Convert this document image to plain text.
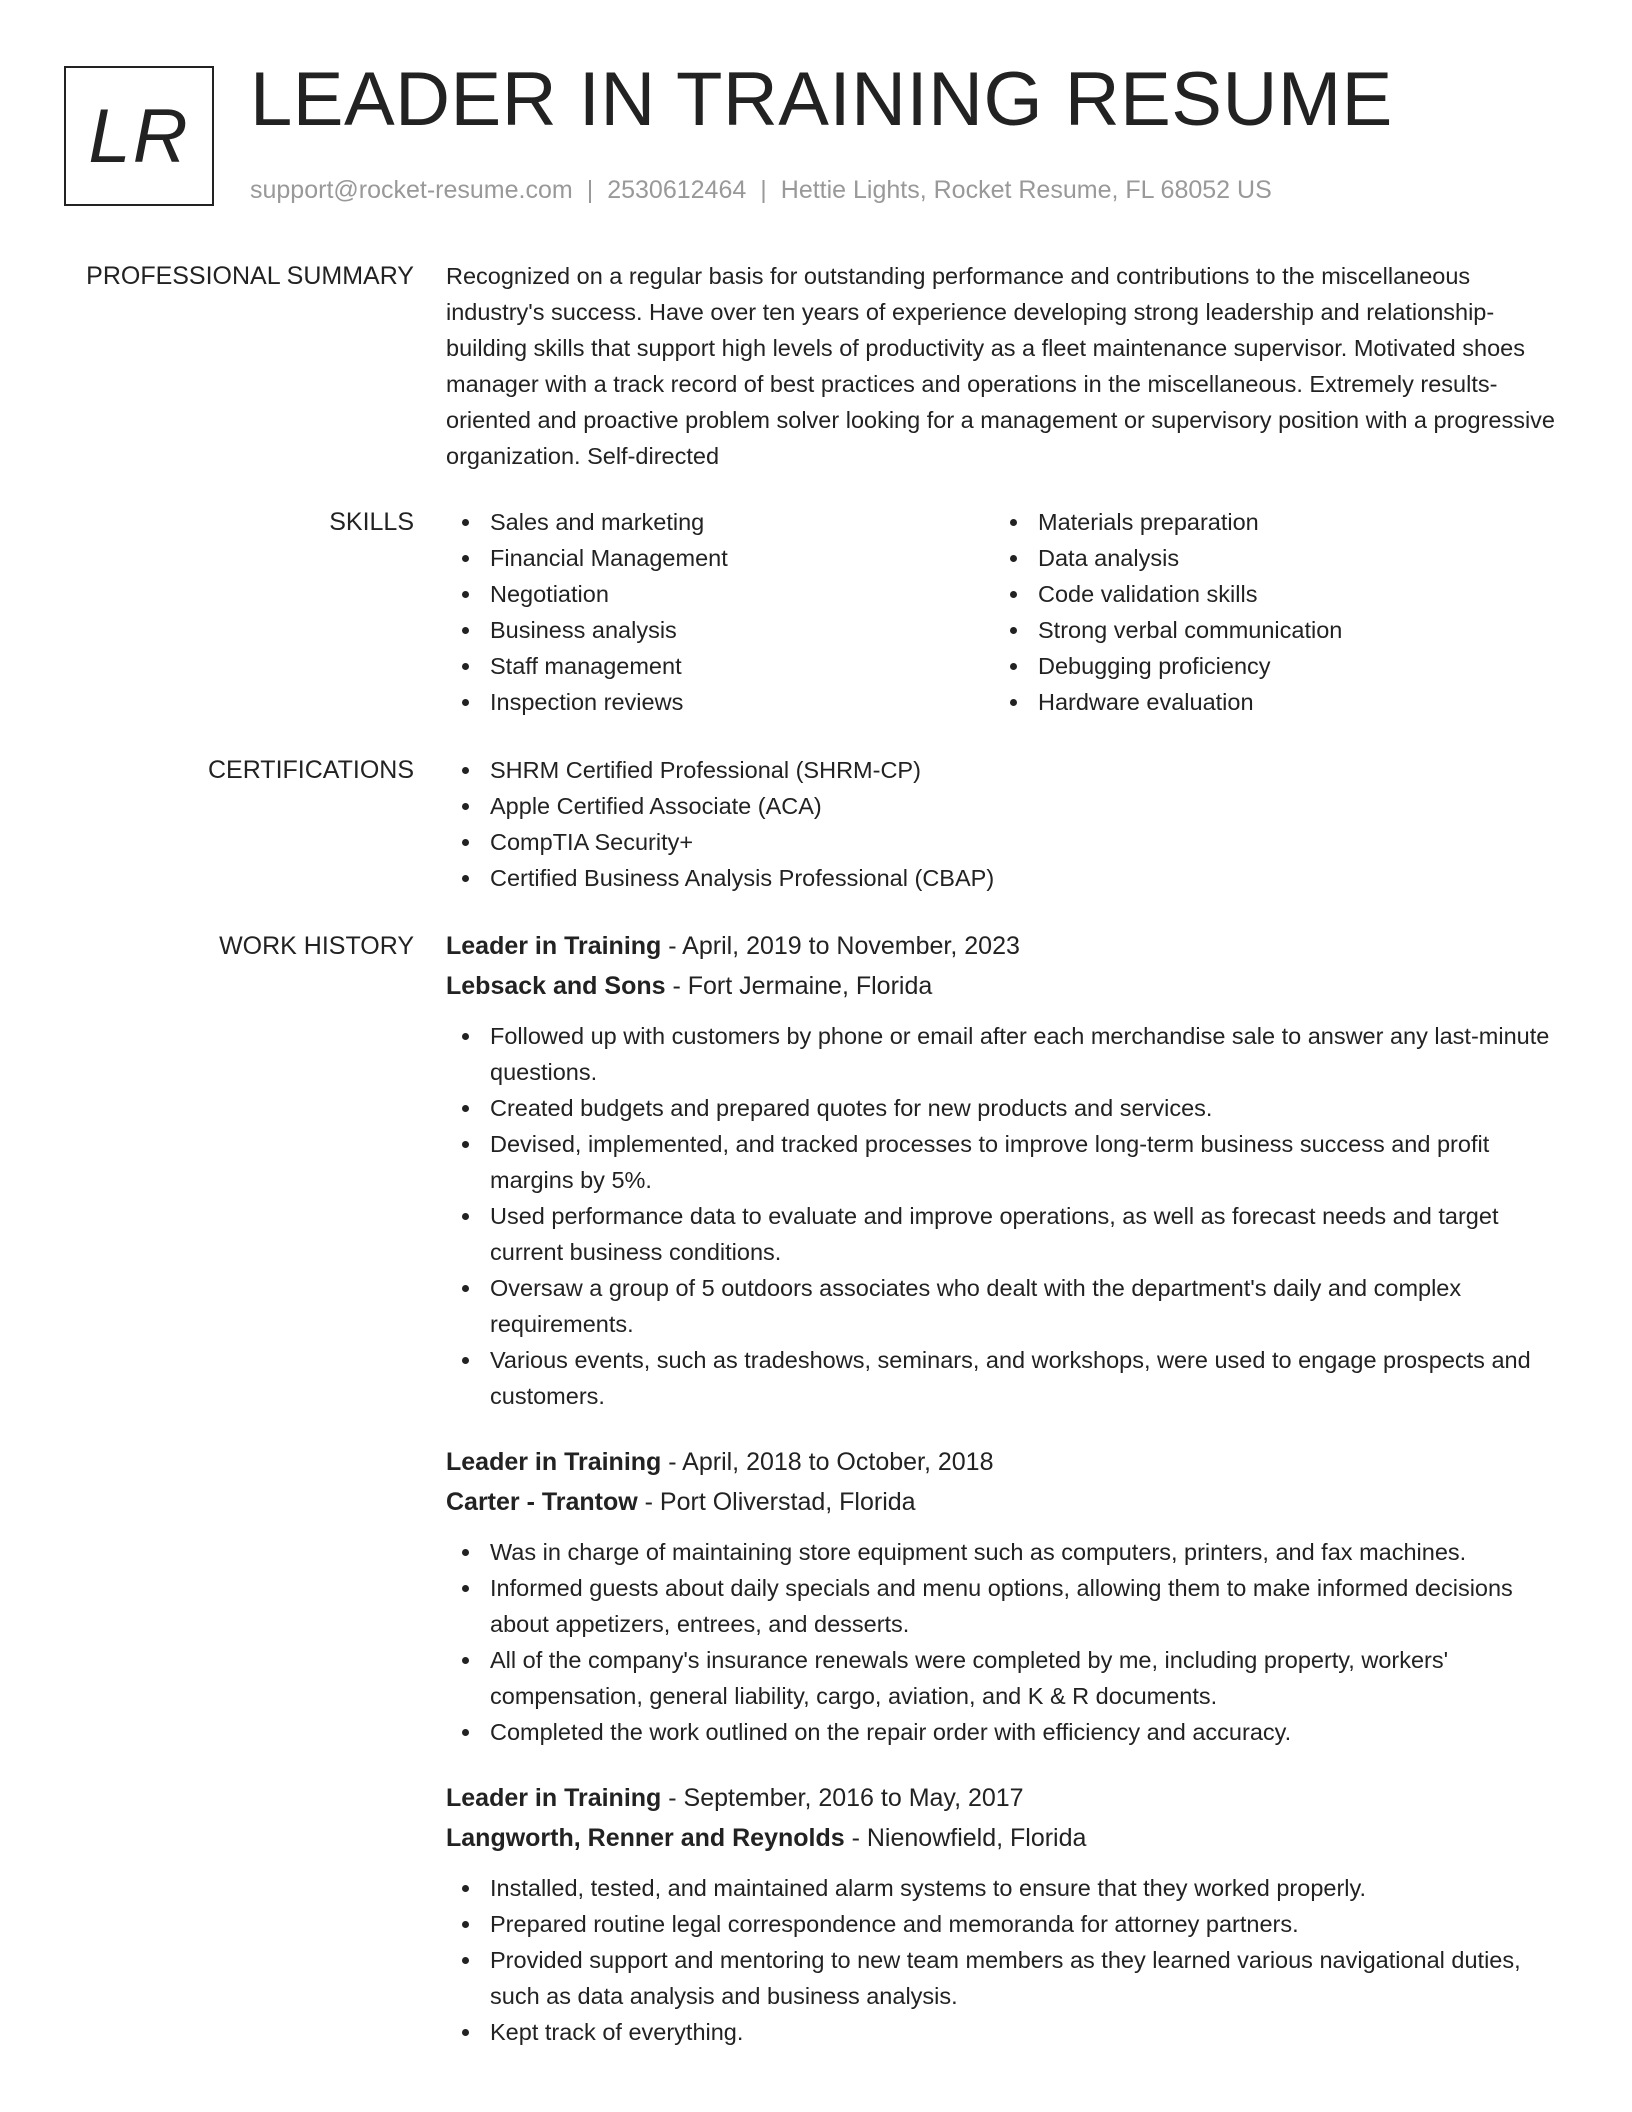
LR LEADER IN TRAINING RESUME
support@rocket-resume.com | 2530612464 | Hettie Lights, Rocket Resume, FL 68052 US
PROFESSIONAL SUMMARY Recognized on a regular basis for outstanding performance and contributions to the miscellaneous industry's success. Have over ten years of experience developing strong leadership and relationship-building skills that support high levels of productivity as a fleet maintenance supervisor. Motivated shoes manager with a track record of best practices and operations in the miscellaneous. Extremely results-oriented and proactive problem solver looking for a management or supervisory position with a progressive organization. Self-directed

SKILLS	Sales and marketing
Financial Management
Negotiation
Business analysis
Staff management
Inspection reviews
Materials preparation
Data analysis
Code validation skills
Strong verbal communication
Debugging proficiency
Hardware evaluation
CERTIFICATIONS	SHRM Certified Professional (SHRM-CP)
Apple Certified Associate (ACA)
CompTIA Security+
Certified Business Analysis Professional (CBAP)
WORK HISTORY Leader in Training - April, 2019 to November, 2023
Lebsack and Sons - Fort Jermaine, Florida
Followed up with customers by phone or email after each merchandise sale to answer any last-minute questions.
Created budgets and prepared quotes for new products and services.
Devised, implemented, and tracked processes to improve long-term business success and profit margins by 5%.
Used performance data to evaluate and improve operations, as well as forecast needs and target current business conditions.
Oversaw a group of 5 outdoors associates who dealt with the department's daily and complex requirements.
Various events, such as tradeshows, seminars, and workshops, were used to engage prospects and customers.
Leader in Training - April, 2018 to October, 2018
Carter - Trantow - Port Oliverstad, Florida
Was in charge of maintaining store equipment such as computers, printers, and fax machines.
Informed guests about daily specials and menu options, allowing them to make informed decisions about appetizers, entrees, and desserts.
All of the company's insurance renewals were completed by me, including property, workers' compensation, general liability, cargo, aviation, and K & R documents.
Completed the work outlined on the repair order with efficiency and accuracy.
Leader in Training - September, 2016 to May, 2017
Langworth, Renner and Reynolds - Nienowfield, Florida
Installed, tested, and maintained alarm systems to ensure that they worked properly.
Prepared routine legal correspondence and memoranda for attorney partners.
Provided support and mentoring to new team members as they learned various navigational duties, such as data analysis and business analysis.
Kept track of everything.
